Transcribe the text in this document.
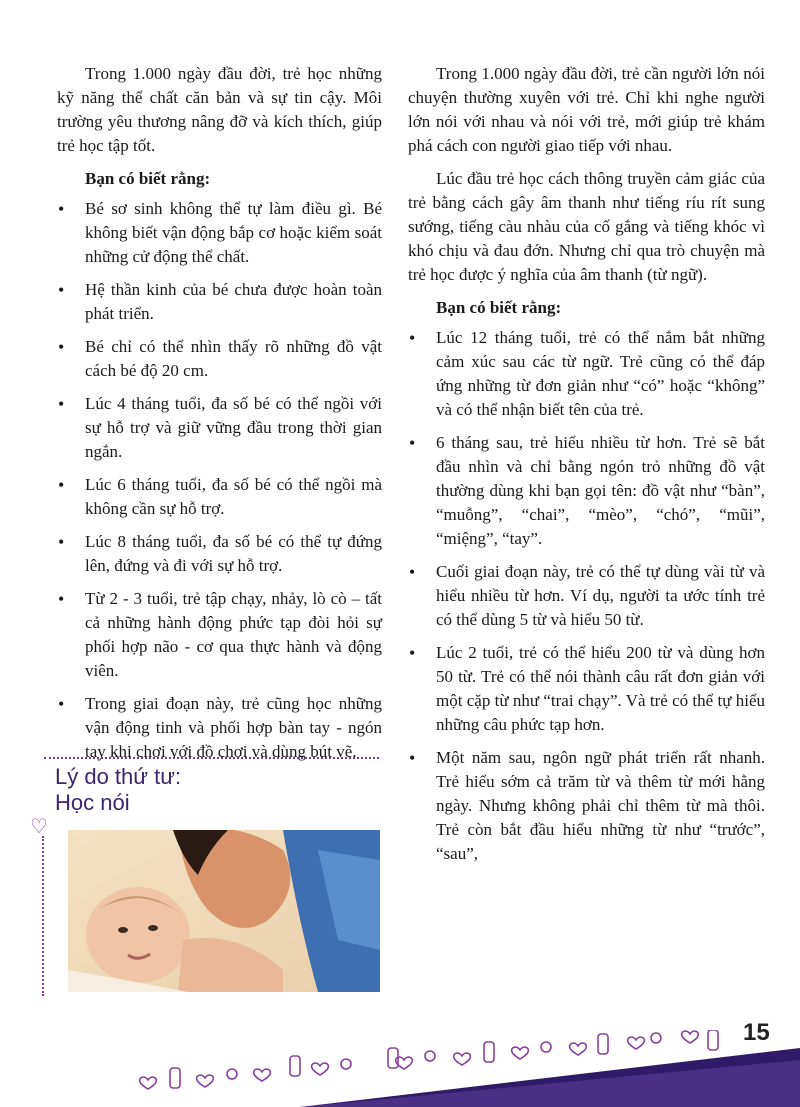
Trong 1.000 ngày đầu đời, trẻ học những kỹ năng thể chất căn bản và sự tin cậy. Môi trường yêu thương nâng đỡ và kích thích, giúp trẻ học tập tốt.

Bạn có biết rằng:
• Bé sơ sinh không thể tự làm điều gì. Bé không biết vận động bắp cơ hoặc kiểm soát những cử động thể chất.
• Hệ thần kinh của bé chưa được hoàn toàn phát triển.
• Bé chỉ có thể nhìn thấy rõ những đồ vật cách bé độ 20 cm.
• Lúc 4 tháng tuổi, đa số bé có thể ngồi với sự hỗ trợ và giữ vững đầu trong thời gian ngắn.
• Lúc 6 tháng tuổi, đa số bé có thể ngồi mà không cần sự hỗ trợ.
• Lúc 8 tháng tuổi, đa số bé có thể tự đứng lên, đứng và đi với sự hỗ trợ.
• Từ 2 - 3 tuổi, trẻ tập chạy, nhảy, lò cò – tất cả những hành động phức tạp đòi hỏi sự phối hợp não - cơ qua thực hành và động viên.
• Trong giai đoạn này, trẻ cũng học những vận động tinh và phối hợp bàn tay - ngón tay khi chơi với đồ chơi và dùng bút vẽ.
Lý do thứ tư:
Học nói
♡

Trong 1.000 ngày đầu đời, trẻ cần người lớn nói chuyện thường xuyên với trẻ. Chỉ khi nghe người lớn nói với nhau và nói với trẻ, mới giúp trẻ khám phá cách con người giao tiếp với nhau.

Lúc đầu trẻ học cách thông truyền cảm giác của trẻ bằng cách gây âm thanh như tiếng ríu rít sung sướng, tiếng càu nhàu của cố gắng và tiếng khóc vì khó chịu và đau đớn. Nhưng chỉ qua trò chuyện mà trẻ học được ý nghĩa của âm thanh (từ ngữ).

Bạn có biết rằng:
• Lúc 12 tháng tuổi, trẻ có thể nắm bắt những cảm xúc sau các từ ngữ. Trẻ cũng có thể đáp ứng những từ đơn giản như “có” hoặc “không” và có thể nhận biết tên của trẻ.
• 6 tháng sau, trẻ hiểu nhiều từ hơn. Trẻ sẽ bắt đầu nhìn và chỉ bằng ngón trỏ những đồ vật thường dùng khi bạn gọi tên: đồ vật như “bàn”, “muỗng”, “chai”, “mèo”, “chó”, “mũi”, “miệng”, “tay”.
• Cuối giai đoạn này, trẻ có thể tự dùng vài từ và hiểu nhiều từ hơn. Ví dụ, người ta ước tính trẻ có thể dùng 5 từ và hiểu 50 từ.
• Lúc 2 tuổi, trẻ có thể hiểu 200 từ và dùng hơn 50 từ. Trẻ có thể nói thành câu rất đơn giản với một cặp từ như “trai chạy”. Và trẻ có thể tự hiểu những câu phức tạp hơn.
• Một năm sau, ngôn ngữ phát triển rất nhanh. Trẻ hiểu sớm cả trăm từ và thêm từ mới hằng ngày. Nhưng không phải chỉ thêm từ mà thôi. Trẻ còn bắt đầu hiểu những từ như “trước”, “sau”,
15
